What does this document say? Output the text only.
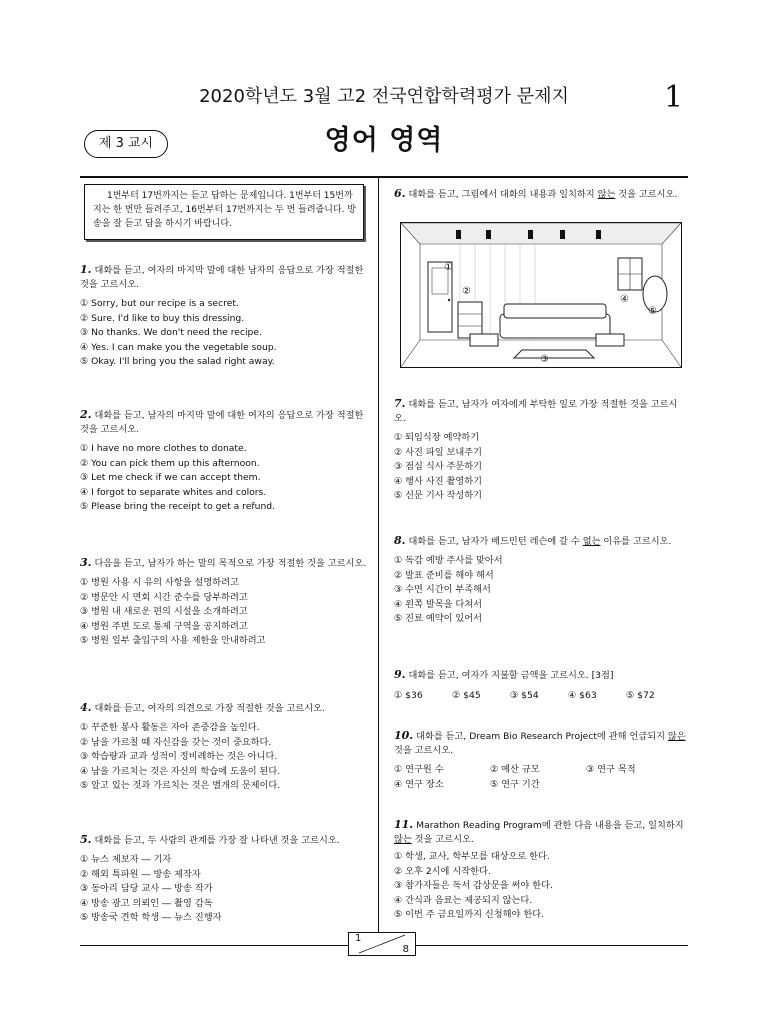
2020학년도 3월 고2 전국연합학력평가 문제지	1
제 3 교시	영어 영역
1번부터 17번까지는 듣고 답하는 문제입니다. 1번부터 15번까지는 한 번만 들려주고, 16번부터 17번까지는 두 번 들려줍니다. 방송을 잘 듣고 답을 하시기 바랍니다.

1. 대화를 듣고, 여자의 마지막 말에 대한 남자의 응답으로 가장 적절한 것을 고르시오.

① Sorry, but our recipe is a secret.

② Sure. I'd like to buy this dressing.

③ No thanks. We don't need the recipe.

④ Yes. I can make you the vegetable soup.

⑤ Okay. I'll bring you the salad right away.

2. 대화를 듣고, 남자의 마지막 말에 대한 여자의 응답으로 가장 적절한 것을 고르시오.

① I have no more clothes to donate.

② You can pick them up this afternoon.

③ Let me check if we can accept them.

④ I forgot to separate whites and colors.

⑤ Please bring the receipt to get a refund.

3. 다음을 듣고, 남자가 하는 말의 목적으로 가장 적절한 것을 고르시오.

① 병원 사용 시 유의 사항을 설명하려고

② 병문안 시 면회 시간 준수를 당부하려고

③ 병원 내 새로운 편의 시설을 소개하려고

④ 병원 주변 도로 통제 구역을 공지하려고

⑤ 병원 일부 출입구의 사용 제한을 안내하려고

4. 대화를 듣고, 여자의 의견으로 가장 적절한 것을 고르시오.

① 꾸준한 봉사 활동은 자아 존중감을 높인다.

② 남을 가르칠 때 자신감을 갖는 것이 중요하다.

③ 학습량과 교과 성적이 정비례하는 것은 아니다.

④ 남을 가르치는 것은 자신의 학습에 도움이 된다.

⑤ 알고 있는 것과 가르치는 것은 별개의 문제이다.

5. 대화를 듣고, 두 사람의 관계를 가장 잘 나타낸 것을 고르시오.

① 뉴스 제보자 ― 기자

② 해외 특파원 ― 방송 제작자

③ 동아리 담당 교사 ― 방송 작가

④ 방송 광고 의뢰인 ― 촬영 감독

⑤ 방송국 견학 학생 ― 뉴스 진행자

6. 대화를 듣고, 그림에서 대화의 내용과 일치하지 않는 것을 고르시오.

①
②
③
④
⑤

7. 대화를 듣고, 남자가 여자에게 부탁한 일로 가장 적절한 것을 고르시오.

① 퇴임식장 예약하기

② 사진 파일 보내주기

③ 점심 식사 주문하기

④ 행사 사진 촬영하기

⑤ 신문 기사 작성하기

8. 대화를 듣고, 남자가 배드민턴 레슨에 갈 수 없는 이유를 고르시오.

① 독감 예방 주사를 맞아서

② 발표 준비를 해야 해서

③ 수면 시간이 부족해서

④ 왼쪽 발목을 다쳐서

⑤ 진료 예약이 있어서

9. 대화를 듣고, 여자가 지불할 금액을 고르시오. [3점]

① $36	② $45	③ $54	④ $63	⑤ $72

10. 대화를 듣고, Dream Bio Research Project에 관해 언급되지 않은 것을 고르시오.

① 연구원 수	② 예산 규모	③ 연구 목적
④ 연구 장소	⑤ 연구 기간

11. Marathon Reading Program에 관한 다음 내용을 듣고, 일치하지 않는 것을 고르시오.

① 학생, 교사, 학부모를 대상으로 한다.

② 오후 2시에 시작한다.

③ 참가자들은 독서 감상문을 써야 한다.

④ 간식과 음료는 제공되지 않는다.

⑤ 이번 주 금요일까지 신청해야 한다.

1
8
